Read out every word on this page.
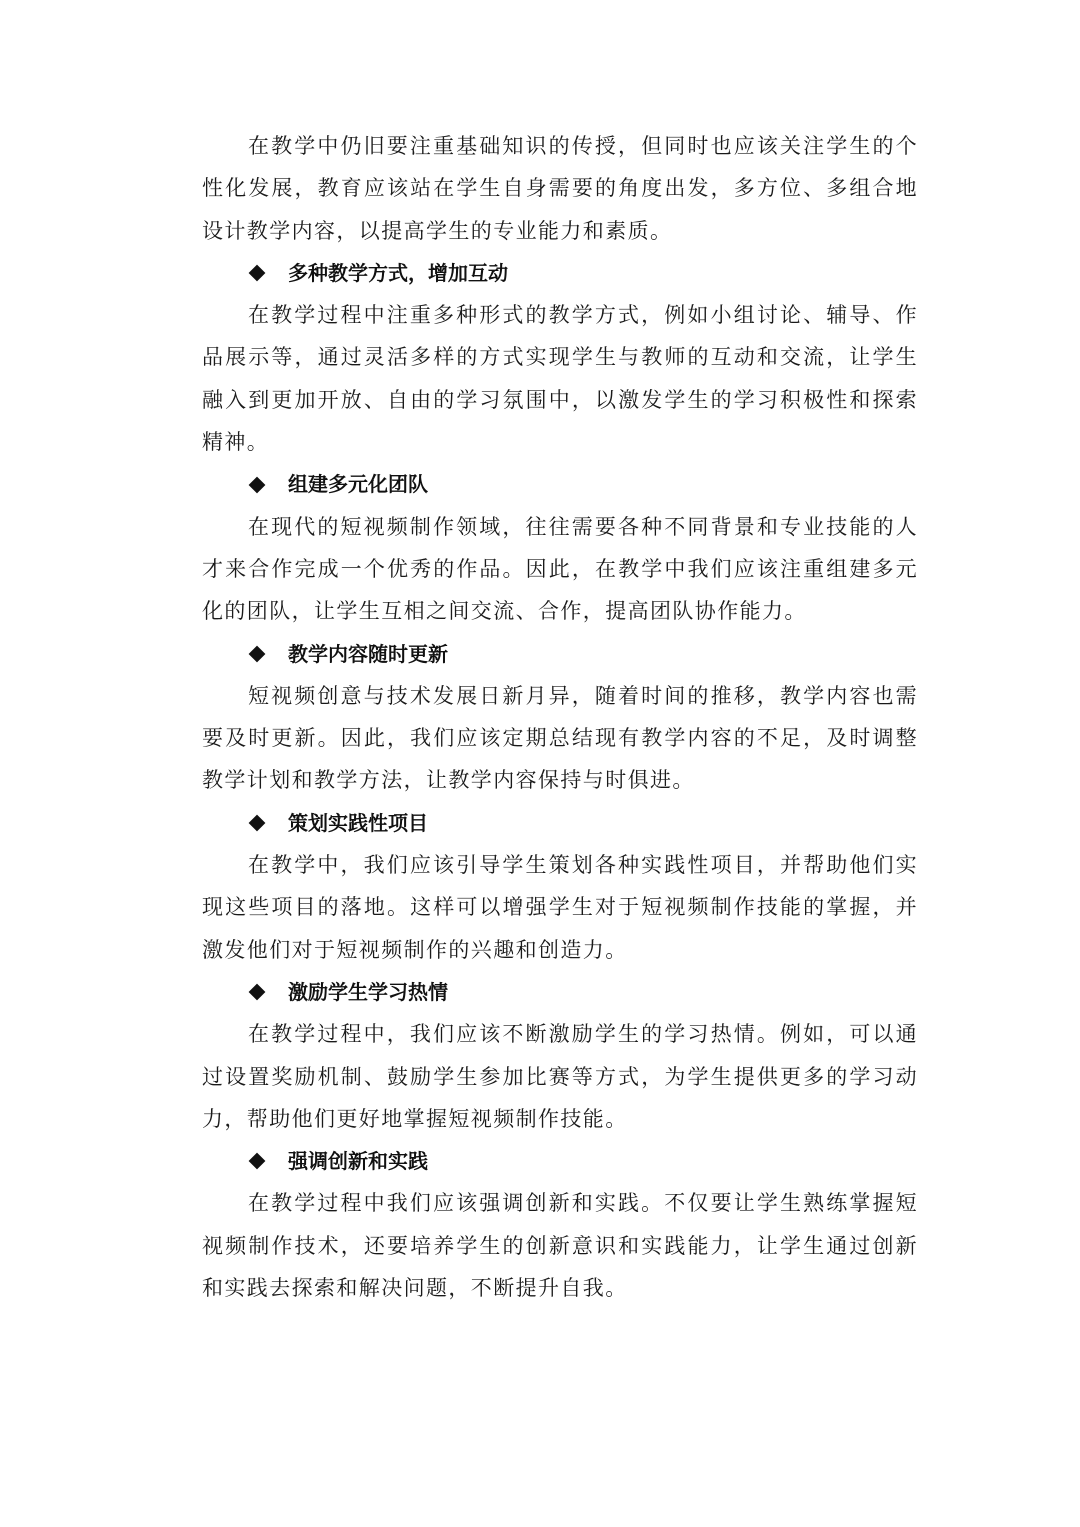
在教学中仍旧要注重基础知识的传授，但同时也应该关注学生的个性化发展，教育应该站在学生自身需要的角度出发，多方位、多组合地设计教学内容，以提高学生的专业能力和素质。

多种教学方式，增加互动

在教学过程中注重多种形式的教学方式，例如小组讨论、辅导、作品展示等，通过灵活多样的方式实现学生与教师的互动和交流，让学生融入到更加开放、自由的学习氛围中，以激发学生的学习积极性和探索精神。

组建多元化团队

在现代的短视频制作领域，往往需要各种不同背景和专业技能的人才来合作完成一个优秀的作品。因此，在教学中我们应该注重组建多元化的团队，让学生互相之间交流、合作，提高团队协作能力。

教学内容随时更新

短视频创意与技术发展日新月异，随着时间的推移，教学内容也需要及时更新。因此，我们应该定期总结现有教学内容的不足，及时调整教学计划和教学方法，让教学内容保持与时俱进。

策划实践性项目

在教学中，我们应该引导学生策划各种实践性项目，并帮助他们实现这些项目的落地。这样可以增强学生对于短视频制作技能的掌握，并激发他们对于短视频制作的兴趣和创造力。

激励学生学习热情

在教学过程中，我们应该不断激励学生的学习热情。例如，可以通过设置奖励机制、鼓励学生参加比赛等方式，为学生提供更多的学习动力，帮助他们更好地掌握短视频制作技能。

强调创新和实践

在教学过程中我们应该强调创新和实践。不仅要让学生熟练掌握短视频制作技术，还要培养学生的创新意识和实践能力，让学生通过创新和实践去探索和解决问题，不断提升自我。
